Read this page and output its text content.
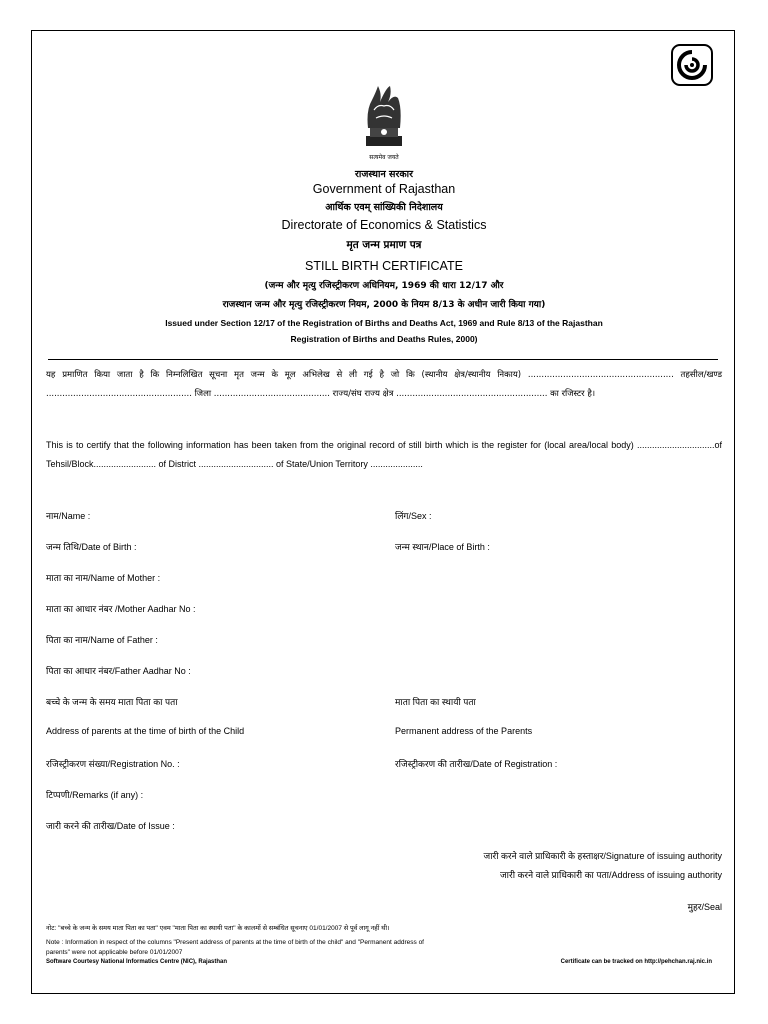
सत्यमेव जयते
राजस्थान सरकार
Government of Rajasthan
आर्थिक एवम् सांख्यिकी निदेशालय
Directorate of Economics & Statistics
मृत जन्म प्रमाण पत्र
STILL BIRTH CERTIFICATE
(जन्म और मृत्यु रजिस्ट्रीकरण अधिनियम, 1969 की धारा 12/17 और
राजस्थान जन्म और मृत्यु रजिस्ट्रीकरण नियम, 2000 के नियम 8/13 के अधीन जारी किया गया)
Issued under Section 12/17 of the Registration of Births and Deaths Act, 1969 and Rule 8/13 of the Rajasthan
Registration of Births and Deaths Rules, 2000)
यह प्रमाणित किया जाता है कि निम्नलिखित सूचना मृत जन्म के मूल अभिलेख से ली गई है जो कि (स्थानीय क्षेत्र/स्थानीय निकाय) ...................................................... तहसील/खण्ड ...................................................... जिला ........................................... राज्य/संघ राज्य क्षेत्र ........................................................ का रजिस्टर है।
This is to certify that the following information has been taken from the original record of still birth which is the register for (local area/local body) ...............................of Tehsil/Block......................... of District .............................. of State/Union Territory .....................
नाम/Name :	लिंग/Sex :
जन्म तिथि/Date of Birth :	जन्म स्थान/Place of Birth :
माता का नाम/Name of Mother :
माता का आधार नंबर /Mother Aadhar No :
पिता का नाम/Name of Father :
पिता का आधार नंबर/Father Aadhar No :
बच्चे के जन्म के समय माता पिता का पता	माता पिता का स्थायी पता
Address of parents at the time of birth of the Child	Permanent address of the Parents
रजिस्ट्रीकरण संख्या/Registration No. :	रजिस्ट्रीकरण की तारीख/Date of Registration :
टिप्पणी/Remarks (if any) :
जारी करने की तारीख/Date of Issue :
जारी करने वाले प्राधिकारी के हस्ताक्षर/Signature of issuing authority
जारी करने वाले प्राधिकारी का पता/Address of issuing authority
मुहर/Seal
नोट: "बच्चे के जन्म के समय माता पिता का पता" एवम "माता पिता का स्थायी पता" के कालमों से सम्बंधित सूचनाए 01/01/2007 से पूर्व लागू नहीं थी।
Note : Information in respect of the columns "Present address of parents at the time of birth of the child" and "Permanent address of
parents" were not applicable before 01/01/2007
Software Courtesy National Informatics Centre (NIC), Rajasthan	Certificate can be tracked on http://pehchan.raj.nic.in
